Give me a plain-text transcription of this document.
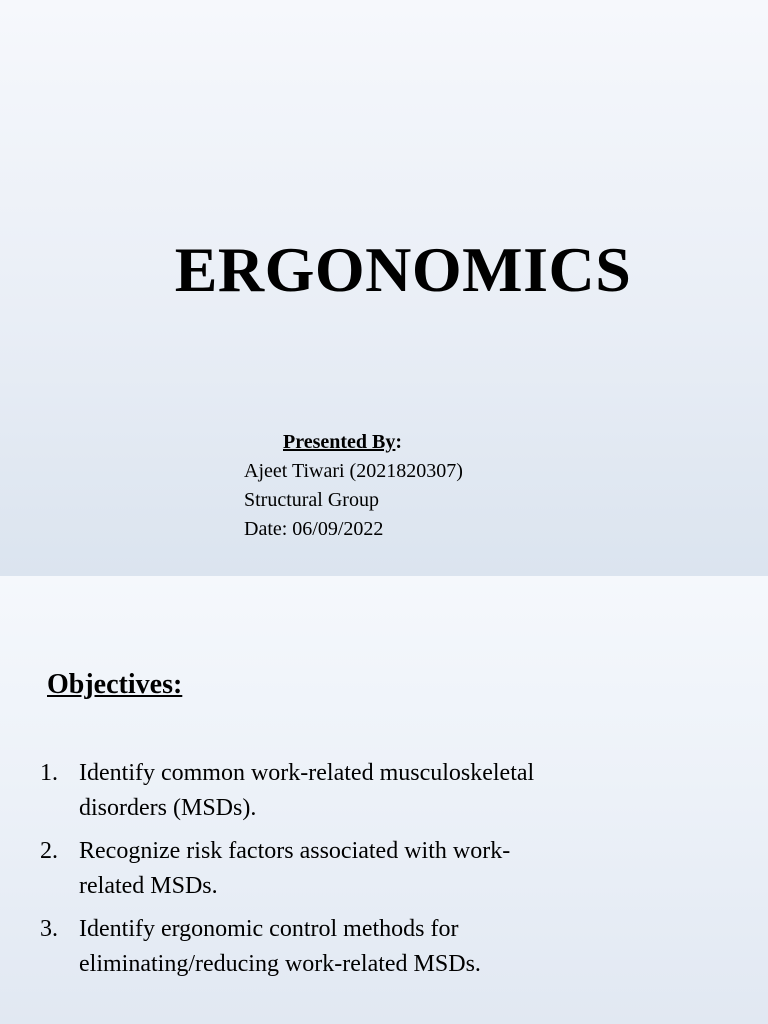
ERGONOMICS
Presented By:
Ajeet Tiwari (2021820307)
Structural Group
Date: 06/09/2022
Objectives:
1. Identify common work-related musculoskeletal
disorders (MSDs).
2. Recognize risk factors associated with work-
related MSDs.
3. Identify ergonomic control methods for
eliminating/reducing work-related MSDs.
